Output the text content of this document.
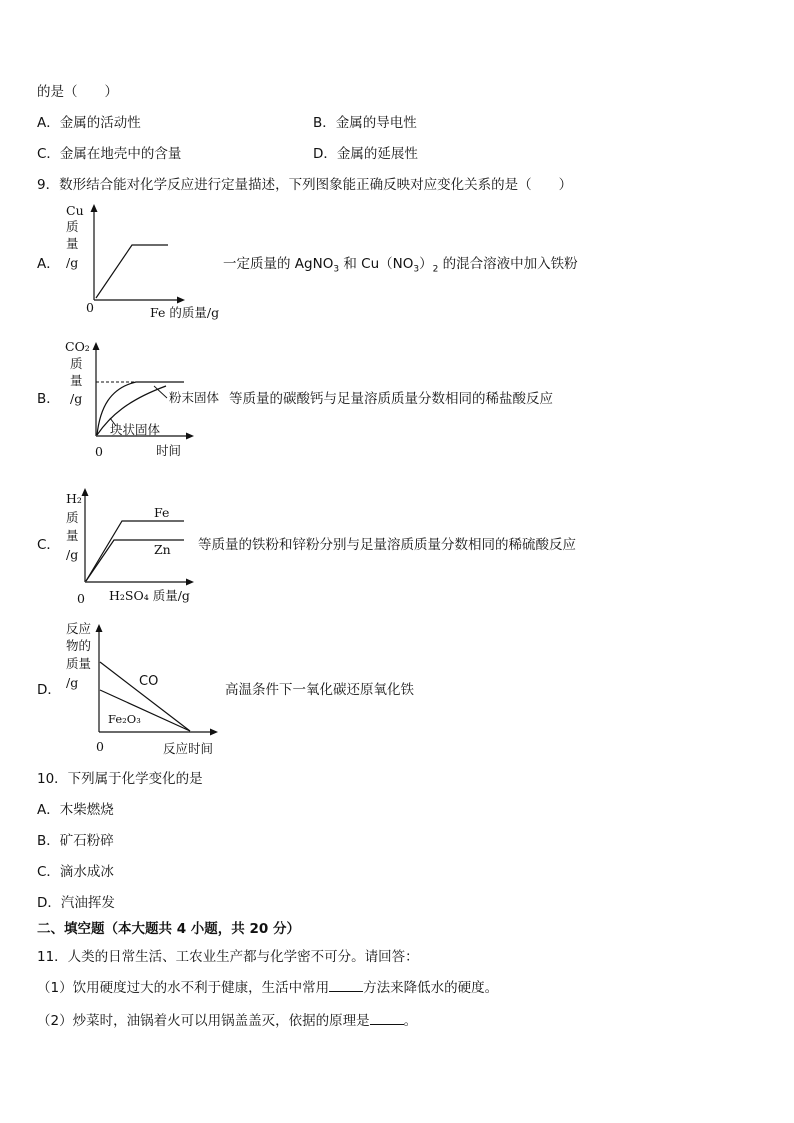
的是（　　）
A．金属的活动性	B．金属的导电性
C．金属在地壳中的含量	D．金属的延展性
9．数形结合能对化学反应进行定量描述，下列图象能正确反映对应变化关系的是（　　）
A．
Cu
质
量
/g
0	Fe 的质量/g
一定质量的 AgNO$_3$ 和 $Cu(NO_3)_2$ 的混合溶液中加入铁粉
B．
CO₂
质
量
/g	粉末固体
块状固体
0	时间
等质量的碳酸钙与足量溶质质量分数相同的稀盐酸反应
C．
H₂
质
量
/g
Fe
Zn
0 H₂SO₄ 质量/g
等质量的铁粉和锌粉分别与足量溶质质量分数相同的稀硫酸反应
D．
反应
物的
质量
/g	CO
Fe₂O₃
0	反应时间
高温条件下一氧化碳还原氧化铁
10．下列属于化学变化的是
A．木柴燃烧
B．矿石粉碎
C．滴水成冰
D．汽油挥发
二、填空题（本大题共 4 小题，共 20 分）
11．人类的日常生活、工农业生产都与化学密不可分。请回答：
（1）饮用硬度过大的水不利于健康，生活中常用	方法来降低水的硬度。
（2）炒菜时，油锅着火可以用锅盖盖灭，依据的原理是	。
